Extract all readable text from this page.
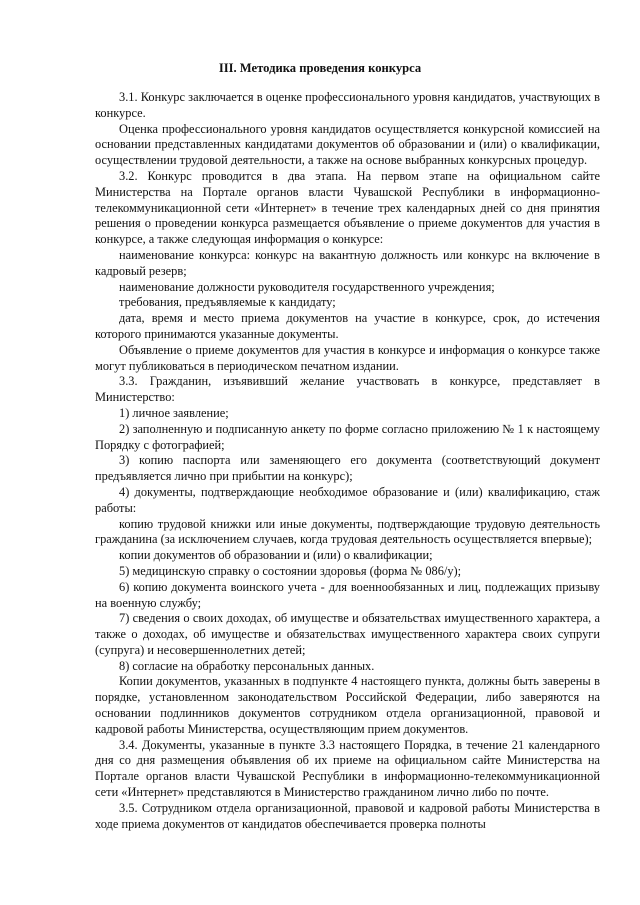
III. Методика проведения конкурса

3.1. Конкурс заключается в оценке профессионального уровня кандидатов, участвующих в конкурсе.

Оценка профессионального уровня кандидатов осуществляется конкурсной комиссией на основании представленных кандидатами документов об образовании и (или) о квалификации, осуществлении трудовой деятельности, а также на основе выбранных конкурсных процедур.

3.2. Конкурс проводится в два этапа. На первом этапе на официальном сайте Министерства на Портале органов власти Чувашской Республики в информационно-телекоммуникационной сети «Интернет» в течение трех календарных дней со дня принятия решения о проведении конкурса размещается объявление о приеме документов для участия в конкурсе, а также следующая информация о конкурсе:

наименование конкурса: конкурс на вакантную должность или конкурс на включение в кадровый резерв;

наименование должности руководителя государственного учреждения;

требования, предъявляемые к кандидату;

дата, время и место приема документов на участие в конкурсе, срок, до истечения которого принимаются указанные документы.

Объявление о приеме документов для участия в конкурсе и информация о конкурсе также могут публиковаться в периодическом печатном издании.

3.3. Гражданин, изъявивший желание участвовать в конкурсе, представляет в Министерство:

1) личное заявление;

2) заполненную и подписанную анкету по форме согласно приложению № 1 к настоящему Порядку с фотографией;

3) копию паспорта или заменяющего его документа (соответствующий документ предъявляется лично при прибытии на конкурс);

4) документы, подтверждающие необходимое образование и (или) квалификацию, стаж работы:

копию трудовой книжки или иные документы, подтверждающие трудовую деятельность гражданина (за исключением случаев, когда трудовая деятельность осуществляется впервые);

копии документов об образовании и (или) о квалификации;

5) медицинскую справку о состоянии здоровья (форма № 086/у);

6) копию документа воинского учета - для военнообязанных и лиц, подлежащих призыву на военную службу;

7) сведения о своих доходах, об имуществе и обязательствах имущественного характера, а также о доходах, об имуществе и обязательствах имущественного характера своих супруги (супруга) и несовершеннолетних детей;

8) согласие на обработку персональных данных.

Копии документов, указанных в подпункте 4 настоящего пункта, должны быть заверены в порядке, установленном законодательством Российской Федерации, либо заверяются на основании подлинников документов сотрудником отдела организационной, правовой и кадровой работы Министерства, осуществляющим прием документов.

3.4. Документы, указанные в пункте 3.3 настоящего Порядка, в течение 21 календарного дня со дня размещения объявления об их приеме на официальном сайте Министерства на Портале органов власти Чувашской Республики в информационно-телекоммуникационной сети «Интернет» представляются в Министерство гражданином лично либо по почте.

3.5. Сотрудником отдела организационной, правовой и кадровой работы Министерства в ходе приема документов от кандидатов обеспечивается проверка полноты
